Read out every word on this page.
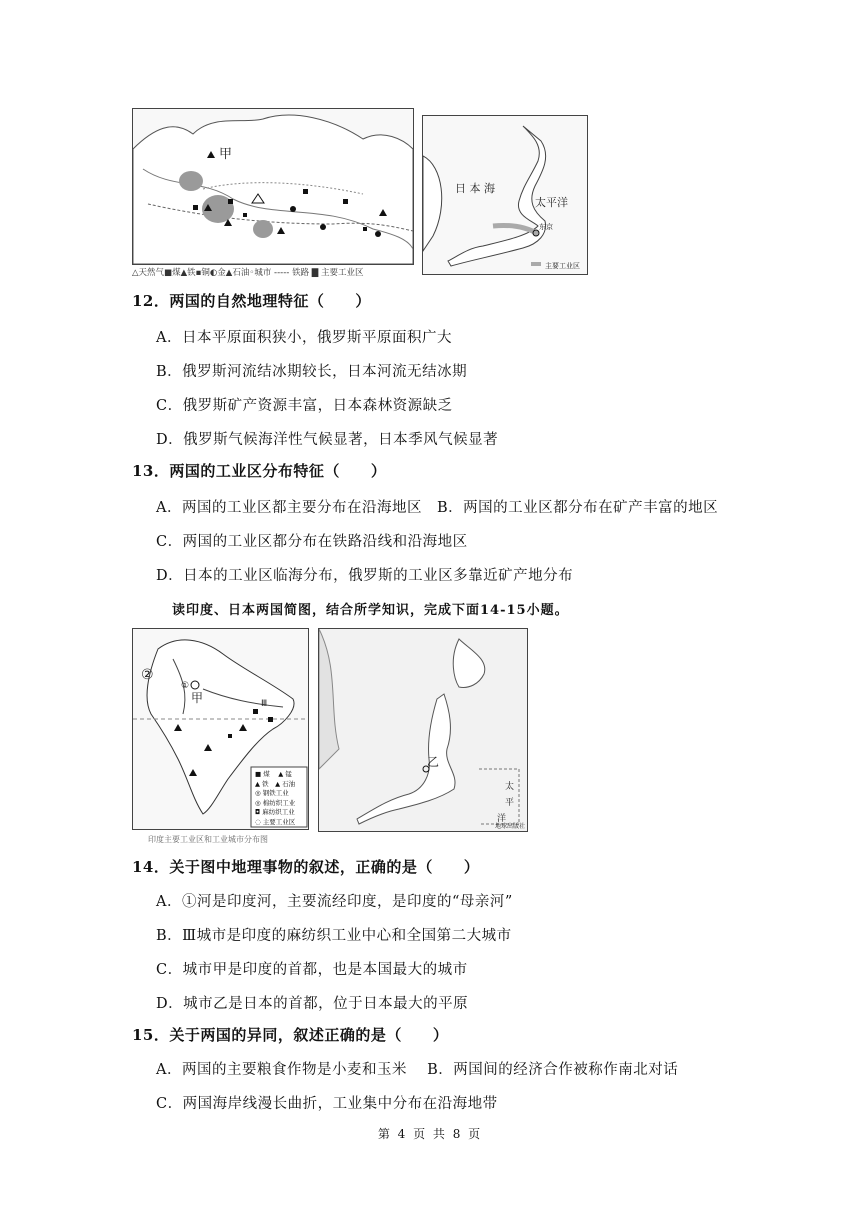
甲
△天然气■煤▲铁▪铜◐金▲石油◦城市 ----- 铁路 ▇ 主要工业区
日 本 海
太平洋
东京
主要工业区
12．两国的自然地理特征（　　）
A．日本平原面积狭小，俄罗斯平原面积广大
B．俄罗斯河流结冰期较长，日本河流无结冰期
C．俄罗斯矿产资源丰富，日本森林资源缺乏
D．俄罗斯气候海洋性气候显著，日本季风气候显著
13．两国的工业区分布特征（　　）
A．两国的工业区都主要分布在沿海地区　B．两国的工业区都分布在矿产丰富的地区
C．两国的工业区都分布在铁路沿线和沿海地区
D．日本的工业区临海分布，俄罗斯的工业区多靠近矿产地分布
读印度、日本两国简图，结合所学知识，完成下面14-15小题。
②
①
甲	Ⅲ
■ 煤　 ▲ 锰
▲ 铁　▲ 石油
◎ 钢铁工业
◎ 棉纺织工业
◘ 麻纺织工业
◌ 主要工业区
印度主要工业区和工业城市分布图
乙
太
平
洋
地球出版社
14．关于图中地理事物的叙述，正确的是（　　）
A．①河是印度河，主要流经印度，是印度的“母亲河”
B．Ⅲ城市是印度的麻纺织工业中心和全国第二大城市
C．城市甲是印度的首都，也是本国最大的城市
D．城市乙是日本的首都，位于日本最大的平原
15．关于两国的异同，叙述正确的是（　　）
A．两国的主要粮食作物是小麦和玉米　 B．两国间的经济合作被称作南北对话
C．两国海岸线漫长曲折，工业集中分布在沿海地带
第 4 页 共 8 页
